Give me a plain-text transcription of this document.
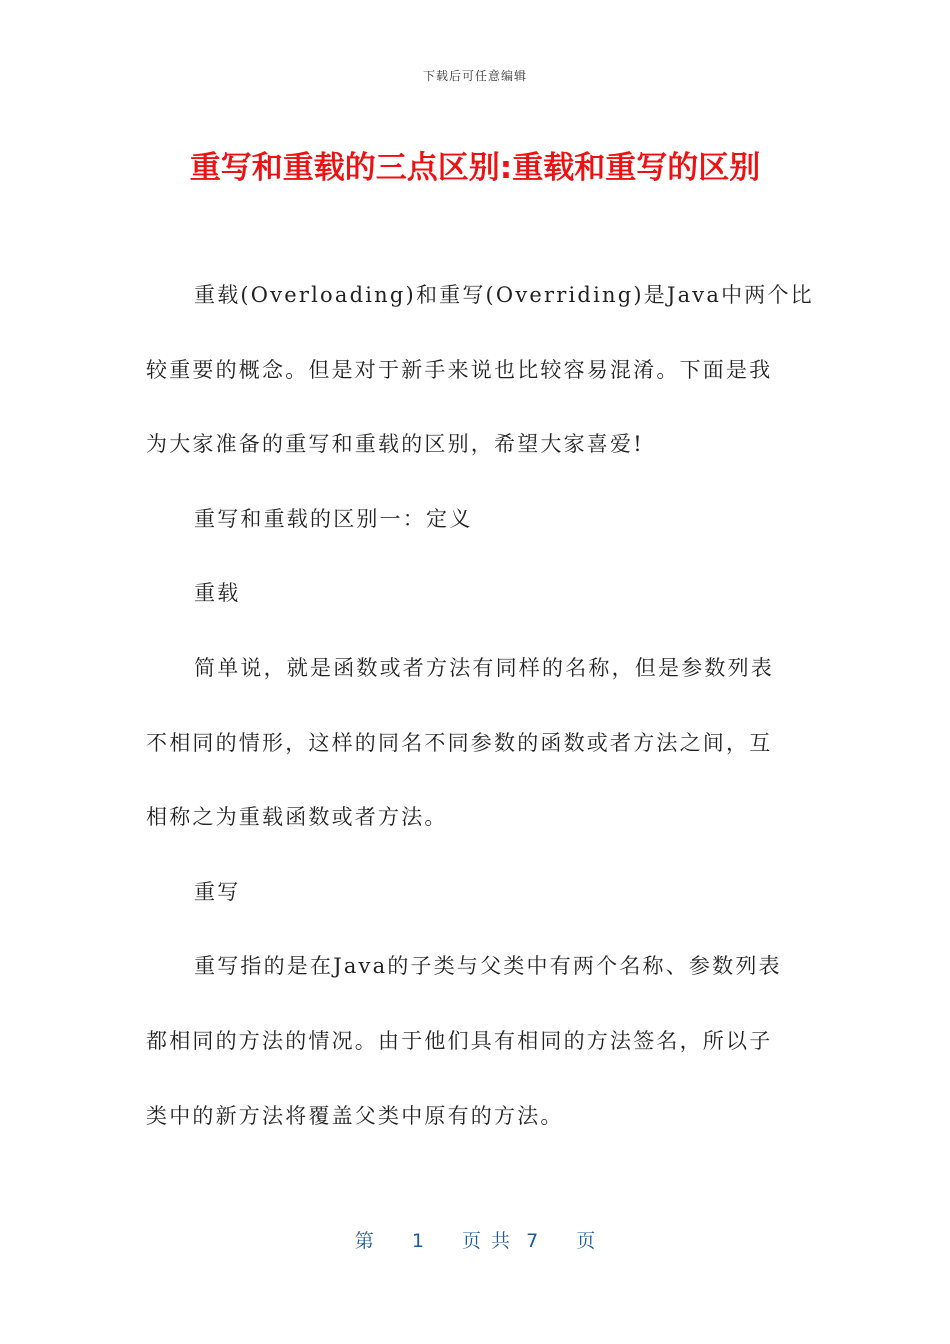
下载后可任意编辑
重写和重载的三点区别:重载和重写的区别
重载(Overloading)和重写(Overriding)是Java中两个比
较重要的概念。但是对于新手来说也比较容易混淆。下面是我
为大家准备的重写和重载的区别，希望大家喜爱!
重写和重载的区别一：定义
重载
简单说，就是函数或者方法有同样的名称，但是参数列表
不相同的情形，这样的同名不同参数的函数或者方法之间，互
相称之为重载函数或者方法。
重写
重写指的是在Java的子类与父类中有两个名称、参数列表
都相同的方法的情况。由于他们具有相同的方法签名，所以子
类中的新方法将覆盖父类中原有的方法。
第 1 页共 7 页
